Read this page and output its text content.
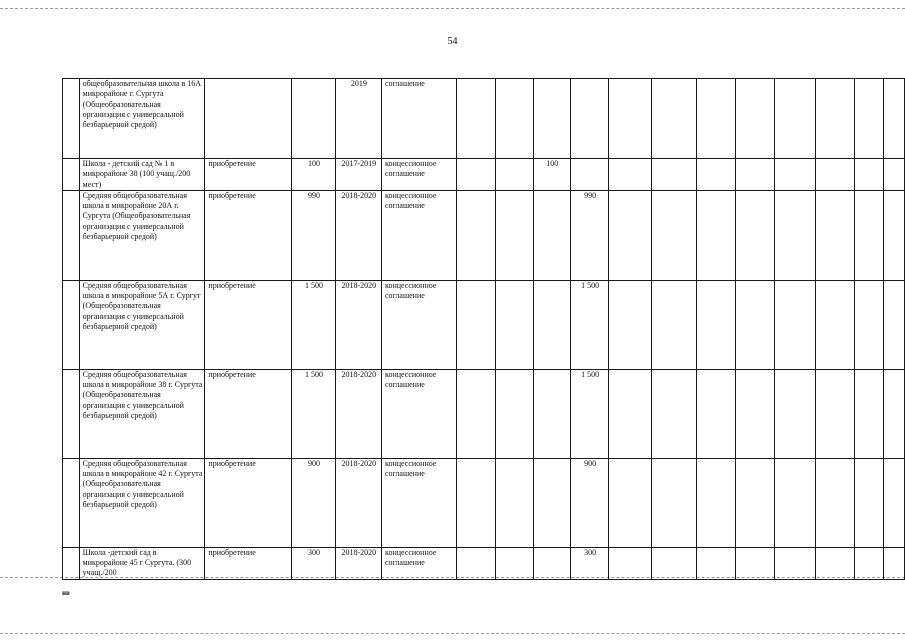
54
	общеобразовательная школа в 16А микрорайоне г. Сургута (Общеобразовательная организация с универсальной безбарьерной средой)			2019	соглашение												
	Школа - детский сад № 1 в микрорайоне 38 (100 учащ./200 мест)	приобретение	100	2017-2019	концессионное соглашение			100									
	Средняя общеобразовательная школа в микрорайоне 20А г. Сургута (Общеобразовательная организация с универсальной безбарьерной средой)	приобретение	990	2018-2020	концессионное соглашение				990								
	Средняя общеобразовательная школа в микрорайоне 5А г. Сургут (Общеобразовательная организация с универсальной безбарьерной средой)	приобретение	1 500	2018-2020	концессионное соглашение				1 500								
	Средняя общеобразовательная школа в микрорайоне 38 г. Сургута (Общеобразовательная организация с универсальной безбарьерной средой)	приобретение	1 500	2018-2020	концессионное соглашение				1 500								
	Средняя общеобразовательная школа в микрорайоне 42 г. Сургута (Общеобразовательная организация с универсальной безбарьерной средой)	приобретение	900	2018-2020	концессионное соглашение				900								
	Школа -детский сад в микрорайоне 45 г Сургута. (300 учащ./200	приобретение	300	2018-2020	концессионное соглашение				300								
нв
